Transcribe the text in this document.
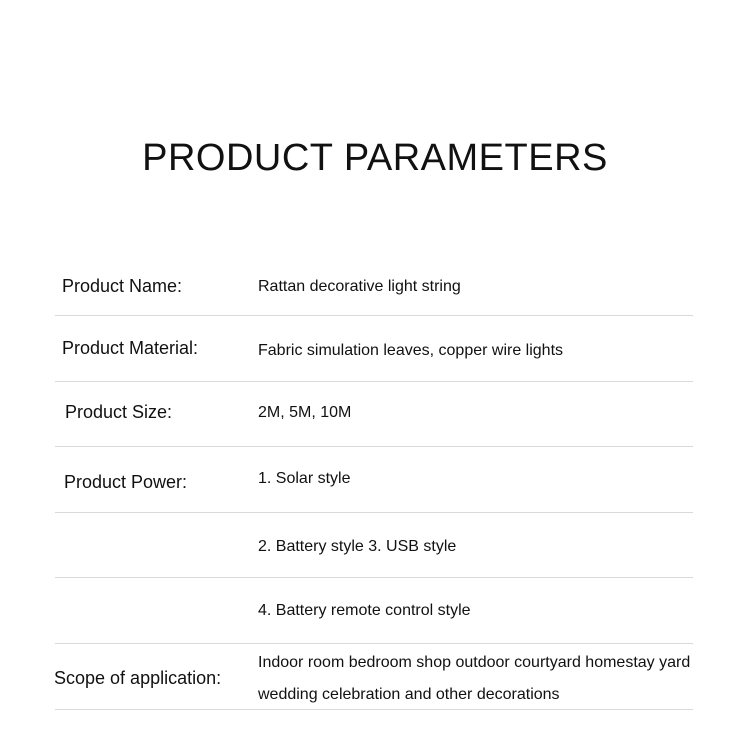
PRODUCT PARAMETERS
Product Name:	Rattan decorative light string
Product Material:	Fabric simulation leaves, copper wire lights
Product Size:	2M, 5M, 10M
Product Power:	1. Solar style
2. Battery style 3. USB style
4. Battery remote control style
Scope of application:
Indoor room bedroom shop outdoor courtyard homestay yard
wedding celebration and other decorations
